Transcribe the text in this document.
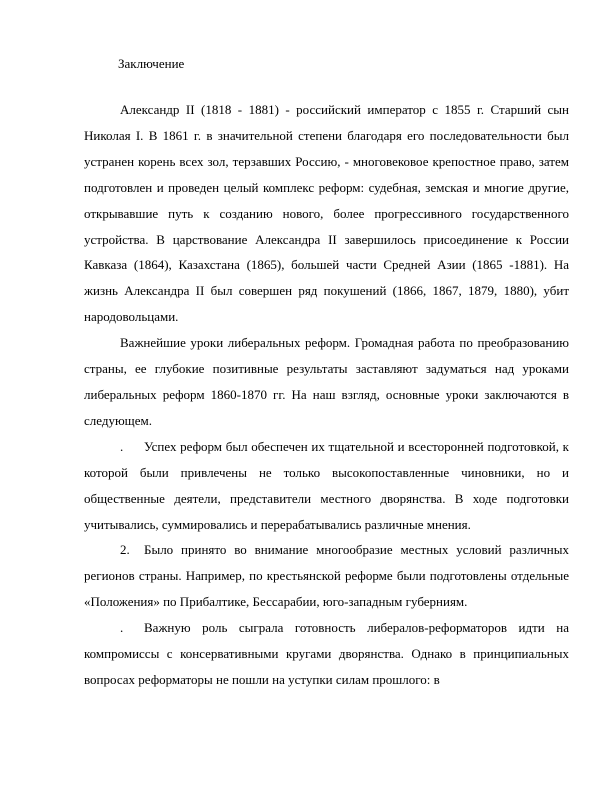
Заключение

Александр II (1818 - 1881) - российский император с 1855 г. Старший сын Николая I. В 1861 г. в значительной степени благодаря его последовательности был устранен корень всех зол, терзавших Россию, - многовековое крепостное право, затем подготовлен и проведен целый комплекс реформ: судебная, земская и многие другие, открывавшие путь к созданию нового, более прогрессивного государственного устройства. В царствование Александра II завершилось присоединение к России Кавказа (1864), Казахстана (1865), большей части Средней Азии (1865 -1881). На жизнь Александра II был совершен ряд покушений (1866, 1867, 1879, 1880), убит народовольцами.

Важнейшие уроки либеральных реформ. Громадная работа по преобразованию страны, ее глубокие позитивные результаты заставляют задуматься над уроками либеральных реформ 1860-1870 гг. На наш взгляд, основные уроки заключаются в следующем.

. Успех реформ был обеспечен их тщательной и всесторонней подготовкой, к которой были привлечены не только высокопоставленные чиновники, но и общественные деятели, представители местного дворянства. В ходе подготовки учитывались, суммировались и перерабатывались различные мнения.

2. Было принято во внимание многообразие местных условий различных регионов страны. Например, по крестьянской реформе были подготовлены отдельные «Положения» по Прибалтике, Бессарабии, юго-западным губерниям.

. Важную роль сыграла готовность либералов-реформаторов идти на компромиссы с консервативными кругами дворянства. Однако в принципиальных вопросах реформаторы не пошли на уступки силам прошлого: в
